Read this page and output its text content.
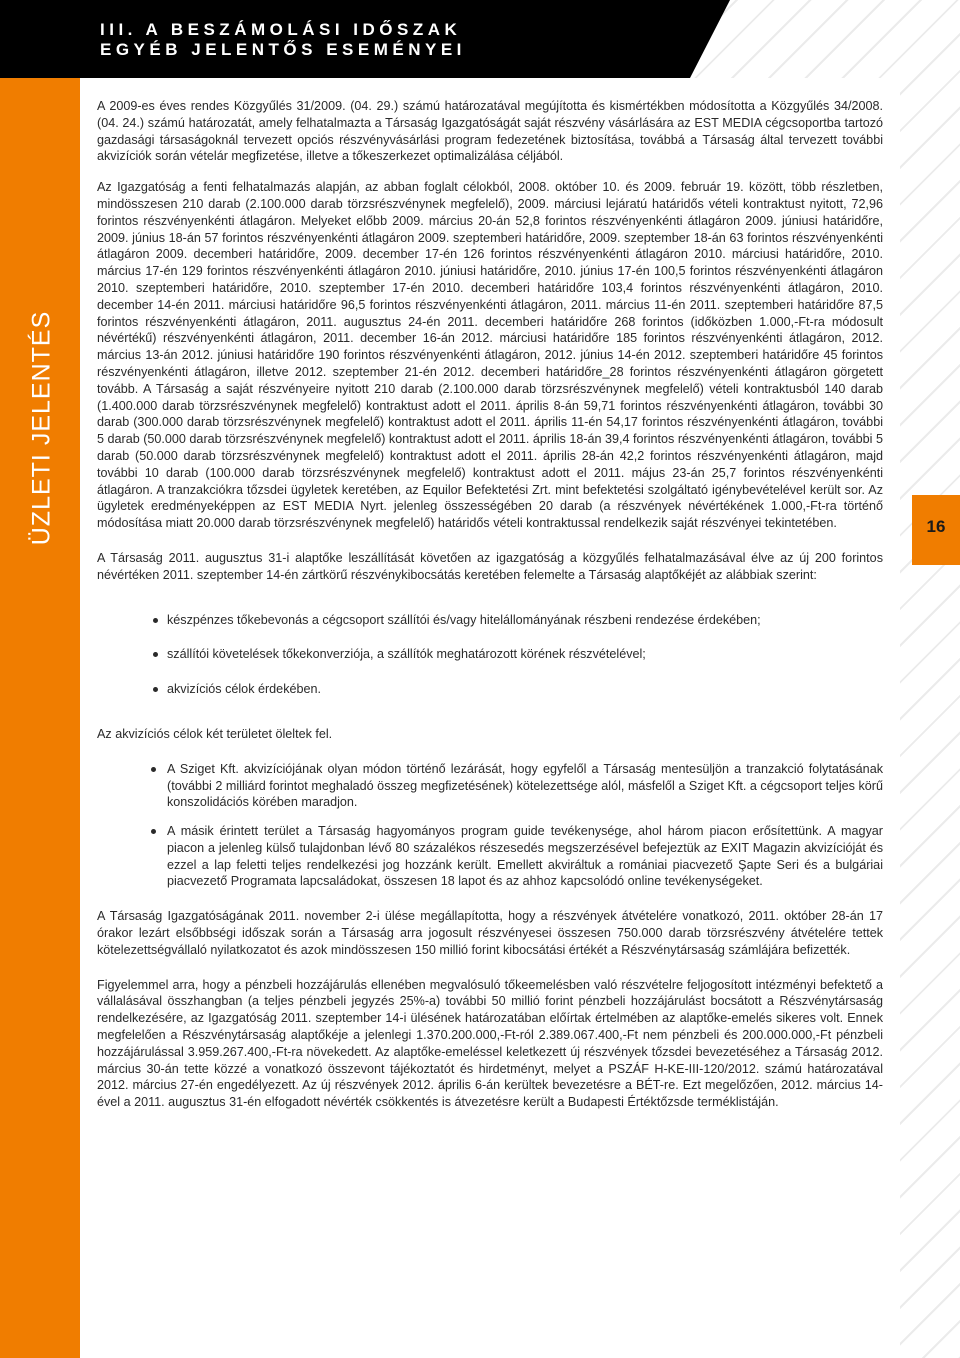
III. A BESZÁMOLÁSI IDŐSZAK
EGYÉB JELENTŐS ESEMÉNYEI
ÜZLETI JELENTÉS	16

A 2009-es éves rendes Közgyűlés 31/2009. (04. 29.) számú határozatával megújította és kismértékben módosította a Közgyűlés 34/2008. (04. 24.) számú határozatát, amely felhatalmazta a Társaság Igazgatóságát saját részvény vásárlására az EST MEDIA cégcsoportba tartozó gazdasági társaságoknál tervezett opciós részvényvásárlási program fedezetének biztosítása, továbbá a Társaság által tervezett további akvizíciók során vételár megfizetése, illetve a tőkeszerkezet optimalizálása céljából.

Az Igazgatóság a fenti felhatalmazás alapján, az abban foglalt célokból, 2008. október 10. és 2009. február 19. között, több részletben, mindösszesen 210 darab (2.100.000 darab törzsrészvénynek megfelelő), 2009. márciusi lejáratú határidős vételi kontraktust nyitott, 72,96 forintos részvényenkénti átlagáron. Melyeket előbb 2009. március 20-án 52,8 forintos részvényenkénti átlagáron 2009. júniusi határidőre, 2009. június 18-án 57 forintos részvényenkénti átlagáron 2009. szeptemberi határidőre, 2009. szeptember 18-án 63 forintos részvényenkénti átlagáron 2009. decemberi határidőre, 2009. december 17-én 126 forintos részvényenkénti átlagáron 2010. márciusi határidőre, 2010. március 17-én 129 forintos részvényenkénti átlagáron 2010. júniusi határidőre, 2010. június 17-én 100,5 forintos részvényenkénti átlagáron 2010. szeptemberi határidőre, 2010. szeptember 17-én 2010. decemberi határidőre 103,4 forintos részvényenkénti átlagáron, 2010. december 14-én 2011. márciusi határidőre 96,5 forintos részvényenkénti átlagáron, 2011. március 11-én 2011. szeptemberi határidőre 87,5 forintos részvényenkénti átlagáron, 2011. augusztus 24-én 2011. decemberi határidőre 268 forintos (időközben 1.000,-Ft-ra módosult névértékű) részvényenkénti átlagáron, 2011. december 16-án 2012. márciusi határidőre 185 forintos részvényenkénti átlagáron, 2012. március 13-án 2012. júniusi határidőre 190 forintos részvényenkénti átlagáron, 2012. június 14-én 2012. szeptemberi határidőre 45 forintos részvényenkénti átlagáron, illetve 2012. szeptember 21-én 2012. decemberi határidőre_28 forintos részvényenkénti átlagáron görgetett tovább. A Társaság a saját részvényeire nyitott 210 darab (2.100.000 darab törzsrészvénynek megfelelő) vételi kontraktusból 140 darab (1.400.000 darab törzsrészvénynek megfelelő) kontraktust adott el 2011. április 8-án 59,71 forintos részvényenkénti átlagáron, további 30 darab (300.000 darab törzsrészvénynek megfelelő) kontraktust adott el 2011. április 11-én 54,17 forintos részvényenkénti átlagáron, további 5 darab (50.000 darab törzsrészvénynek megfelelő) kontraktust adott el 2011. április 18-án 39,4 forintos részvényenkénti átlagáron, további 5 darab (50.000 darab törzsrészvénynek megfelelő) kontraktust adott el 2011. április 28-án 42,2 forintos részvényenkénti átlagáron, majd további 10 darab (100.000 darab törzsrészvénynek megfelelő) kontraktust adott el 2011. május 23-án 25,7 forintos részvényenkénti átlagáron. A tranzakciókra tőzsdei ügyletek keretében, az Equilor Befektetési Zrt. mint befektetési szolgáltató igénybevételével került sor. Az ügyletek eredményeképpen az EST MEDIA Nyrt. jelenleg összességében 20 darab (a részvények névértékének 1.000,-Ft-ra történő módosítása miatt 20.000 darab törzsrészvénynek megfelelő) határidős vételi kontraktussal rendelkezik saját részvényei tekintetében.

A Társaság 2011. augusztus 31-i alaptőke leszállítását követően az igazgatóság a közgyűlés felhatalmazásával élve az új 200 forintos névértéken 2011. szeptember 14-én zártkörű részvénykibocsátás keretében felemelte a Társaság alaptőkéjét az alábbiak szerint:

készpénzes tőkebevonás a cégcsoport szállítói és/vagy hitelállományának részbeni rendezése érdekében;
szállítói követelések tőkekonverziója, a szállítók meghatározott körének részvételével;
akvizíciós célok érdekében.

Az akvizíciós célok két területet öleltek fel.

A Sziget Kft. akvizíciójának olyan módon történő lezárását, hogy egyfelől a Társaság mentesüljön a tranzakció folytatásának (további 2 milliárd forintot meghaladó összeg megfizetésének) kötelezettsége alól, másfelől a Sziget Kft. a cégcsoport teljes körű konszolidációs körében maradjon.
A másik érintett terület a Társaság hagyományos program guide tevékenysége, ahol három piacon erősítettünk. A magyar piacon a jelenleg külső tulajdonban lévő 80 százalékos részesedés megszerzésével befejeztük az EXIT Magazin akvizícióját és ezzel a lap feletti teljes rendelkezési jog hozzánk került. Emellett akviráltuk a romániai piacvezető Şapte Seri és a bulgáriai piacvezető Programata lapcsaládokat, összesen 18 lapot és az ahhoz kapcsolódó online tevékenységeket.

A Társaság Igazgatóságának 2011. november 2-i ülése megállapította, hogy a részvények átvételére vonatkozó, 2011. október 28-án 17 órakor lezárt elsőbbségi időszak során a Társaság arra jogosult részvényesei összesen 750.000 darab törzsrészvény átvételére tettek kötelezettségvállaló nyilatkozatot és azok mindösszesen 150 millió forint kibocsátási értékét a Részvénytársaság számlájára befizették.

Figyelemmel arra, hogy a pénzbeli hozzájárulás ellenében megvalósuló tőkeemelésben való részvételre feljogosított intézményi befektető a vállalásával összhangban (a teljes pénzbeli jegyzés 25%-a) további 50 millió forint pénzbeli hozzájárulást bocsátott a Részvénytársaság rendelkezésére, az Igazgatóság 2011. szeptember 14-i ülésének határozatában előírtak értelmében az alaptőke-emelés sikeres volt. Ennek megfelelően a Részvénytársaság alaptőkéje a jelenlegi 1.370.200.000,-Ft-ról 2.389.067.400,-Ft nem pénzbeli és 200.000.000,-Ft pénzbeli hozzájárulással 3.959.267.400,-Ft-ra növekedett. Az alaptőke-emeléssel keletkezett új részvények tőzsdei bevezetéséhez a Társaság 2012. március 30-án tette közzé a vonatkozó összevont tájékoztatót és hirdetményt, melyet a PSZÁF H-KE-III-120/2012. számú határozatával 2012. március 27-én engedélyezett. Az új részvények 2012. április 6-án kerültek bevezetésre a BÉT-re. Ezt megelőzően, 2012. március 14-ével a 2011. augusztus 31-én elfogadott névérték csökkentés is átvezetésre került a Budapesti Értéktőzsde terméklistáján.
